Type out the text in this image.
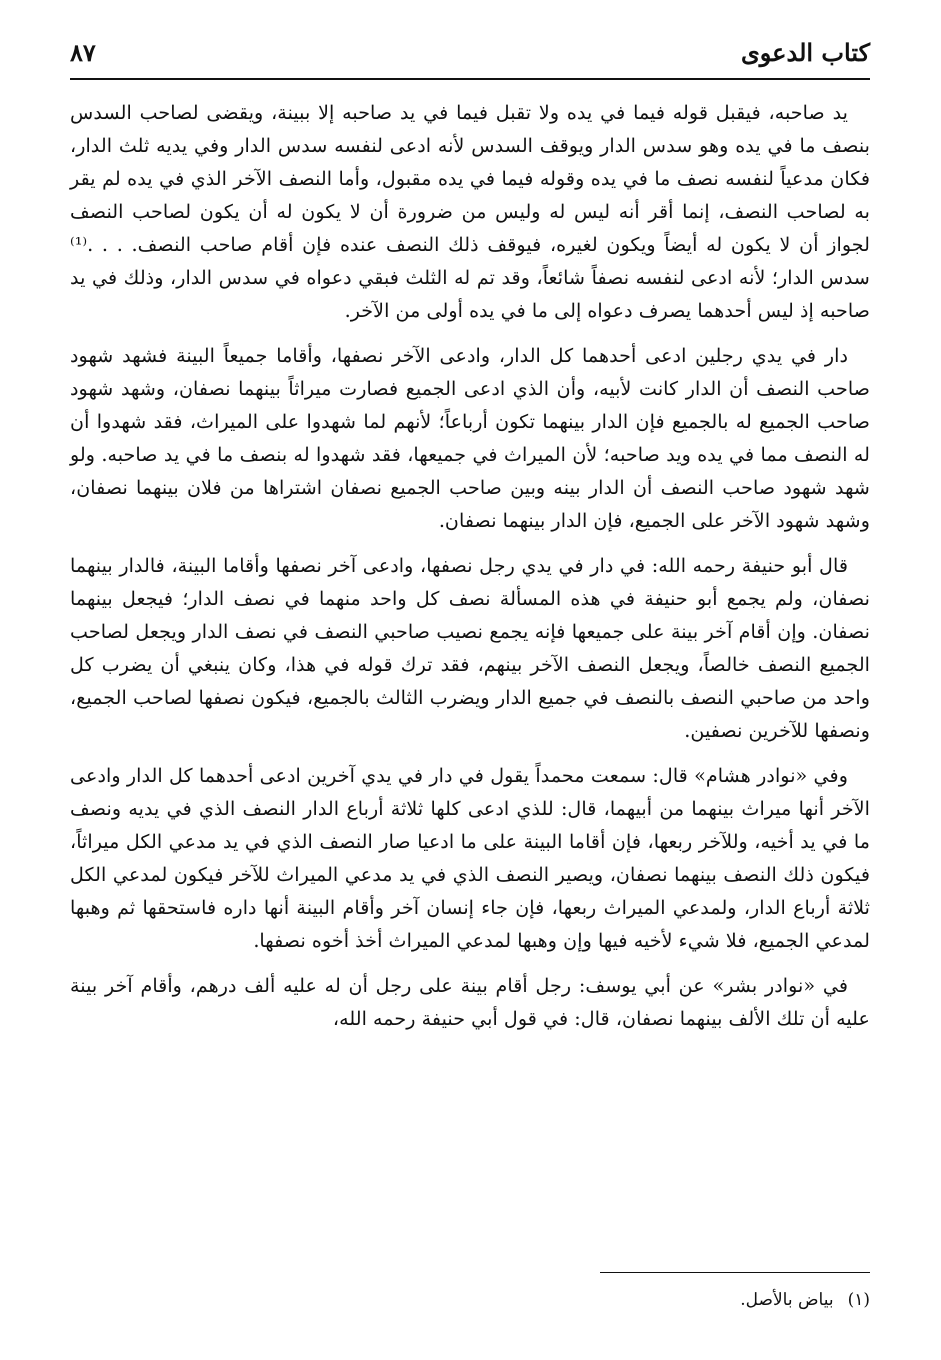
كتاب الدعوى
٨٧

يد صاحبه، فيقبل قوله فيما في يده ولا تقبل فيما في يد صاحبه إلا ببينة، ويقضى لصاحب السدس بنصف ما في يده وهو سدس الدار ويوقف السدس لأنه ادعى لنفسه سدس الدار وفي يديه ثلث الدار، فكان مدعياً لنفسه نصف ما في يده وقوله فيما في يده مقبول، وأما النصف الآخر الذي في يده لم يقر به لصاحب النصف، إنما أقر أنه ليس له وليس من ضرورة أن لا يكون له أن يكون لصاحب النصف لجواز أن لا يكون له أيضاً ويكون لغيره، فيوقف ذلك النصف عنده فإن أقام صاحب النصف. . . .⁽¹⁾ سدس الدار؛ لأنه ادعى لنفسه نصفاً شائعاً، وقد تم له الثلث فبقي دعواه في سدس الدار، وذلك في يد صاحبه إذ ليس أحدهما يصرف دعواه إلى ما في يده أولى من الآخر.

دار في يدي رجلين ادعى أحدهما كل الدار، وادعى الآخر نصفها، وأقاما جميعاً البينة فشهد شهود صاحب النصف أن الدار كانت لأبيه، وأن الذي ادعى الجميع فصارت ميراثاً بينهما نصفان، وشهد شهود صاحب الجميع له بالجميع فإن الدار بينهما تكون أرباعاً؛ لأنهم لما شهدوا على الميراث، فقد شهدوا أن له النصف مما في يده ويد صاحبه؛ لأن الميراث في جميعها، فقد شهدوا له بنصف ما في يد صاحبه. ولو شهد شهود صاحب النصف أن الدار بينه وبين صاحب الجميع نصفان اشتراها من فلان بينهما نصفان، وشهد شهود الآخر على الجميع، فإن الدار بينهما نصفان.

قال أبو حنيفة رحمه الله: في دار في يدي رجل نصفها، وادعى آخر نصفها وأقاما البينة، فالدار بينهما نصفان، ولم يجمع أبو حنيفة في هذه المسألة نصف كل واحد منهما في نصف الدار؛ فيجعل بينهما نصفان. وإن أقام آخر بينة على جميعها فإنه يجمع نصيب صاحبي النصف في نصف الدار ويجعل لصاحب الجميع النصف خالصاً، ويجعل النصف الآخر بينهم، فقد ترك قوله في هذا، وكان ينبغي أن يضرب كل واحد من صاحبي النصف بالنصف في جميع الدار ويضرب الثالث بالجميع، فيكون نصفها لصاحب الجميع، ونصفها للآخرين نصفين.

وفي «نوادر هشام» قال: سمعت محمداً يقول في دار في يدي آخرين ادعى أحدهما كل الدار وادعى الآخر أنها ميراث بينهما من أبيهما، قال: للذي ادعى كلها ثلاثة أرباع الدار النصف الذي في يديه ونصف ما في يد أخيه، وللآخر ربعها، فإن أقاما البينة على ما ادعيا صار النصف الذي في يد مدعي الكل ميراثاً، فيكون ذلك النصف بينهما نصفان، ويصير النصف الذي في يد مدعي الميراث للآخر فيكون لمدعي الكل ثلاثة أرباع الدار، ولمدعي الميراث ربعها، فإن جاء إنسان آخر وأقام البينة أنها داره فاستحقها ثم وهبها لمدعي الجميع، فلا شيء لأخيه فيها وإن وهبها لمدعي الميراث أخذ أخوه نصفها.

في «نوادر بشر» عن أبي يوسف: رجل أقام بينة على رجل أن له عليه ألف درهم، وأقام آخر بينة عليه أن تلك الألف بينهما نصفان، قال: في قول أبي حنيفة رحمه الله،

(١)بياض بالأصل.
